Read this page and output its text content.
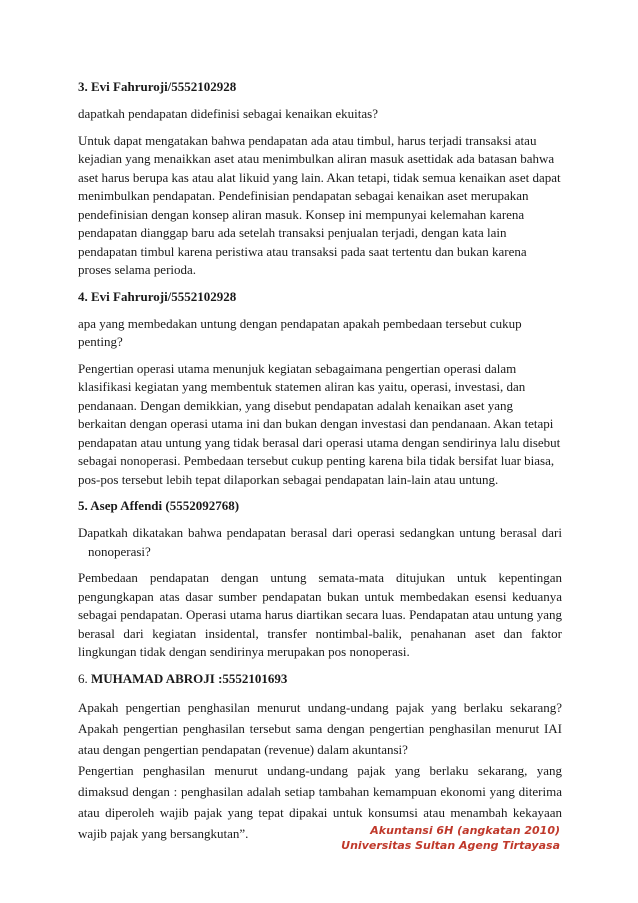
3. Evi Fahruroji/5552102928
dapatkah pendapatan didefinisi sebagai kenaikan ekuitas?
Untuk dapat mengatakan bahwa pendapatan ada atau timbul, harus terjadi transaksi atau kejadian yang menaikkan aset atau menimbulkan aliran masuk asettidak ada batasan bahwa aset harus berupa kas atau alat likuid yang lain. Akan tetapi, tidak semua kenaikan aset dapat menimbulkan pendapatan. Pendefinisian pendapatan sebagai kenaikan aset merupakan pendefinisian dengan konsep aliran masuk. Konsep ini mempunyai kelemahan karena pendapatan dianggap baru ada setelah transaksi penjualan terjadi, dengan kata lain pendapatan timbul karena peristiwa atau transaksi pada saat tertentu dan bukan karena proses selama perioda.
4. Evi Fahruroji/5552102928
apa yang membedakan untung dengan pendapatan apakah pembedaan tersebut cukup penting?
Pengertian operasi utama menunjuk kegiatan sebagaimana pengertian operasi dalam klasifikasi kegiatan yang membentuk statemen aliran kas yaitu, operasi, investasi, dan pendanaan. Dengan demikkian, yang disebut pendapatan adalah kenaikan aset yang berkaitan dengan operasi utama ini dan bukan dengan investasi dan pendanaan. Akan tetapi pendapatan atau untung yang tidak berasal dari operasi utama dengan sendirinya lalu disebut sebagai nonoperasi. Pembedaan tersebut cukup penting karena bila tidak bersifat luar biasa, pos-pos tersebut lebih tepat dilaporkan sebagai pendapatan lain-lain atau untung.
5. Asep Affendi (5552092768)
Dapatkah dikatakan bahwa pendapatan berasal dari operasi sedangkan untung berasal dari nonoperasi?
Pembedaan pendapatan dengan untung semata-mata ditujukan untuk kepentingan pengungkapan atas dasar sumber pendapatan bukan untuk membedakan esensi keduanya sebagai pendapatan. Operasi utama harus diartikan secara luas. Pendapatan atau untung yang berasal dari kegiatan insidental, transfer nontimbal-balik, penahanan aset dan faktor lingkungan tidak dengan sendirinya merupakan pos nonoperasi.
6. MUHAMAD ABROJI :5552101693
Apakah pengertian penghasilan menurut undang-undang pajak yang berlaku sekarang? Apakah pengertian penghasilan tersebut sama dengan pengertian penghasilan menurut IAI atau dengan pengertian pendapatan (revenue) dalam akuntansi?
Pengertian penghasilan menurut undang-undang pajak yang berlaku sekarang, yang dimaksud dengan : penghasilan adalah setiap tambahan kemampuan ekonomi yang diterima atau diperoleh wajib pajak yang tepat dipakai untuk konsumsi atau menambah kekayaan wajib pajak yang bersangkutan”.	Akuntansi 6H (angkatan 2010)
Universitas Sultan Ageng Tirtayasa
